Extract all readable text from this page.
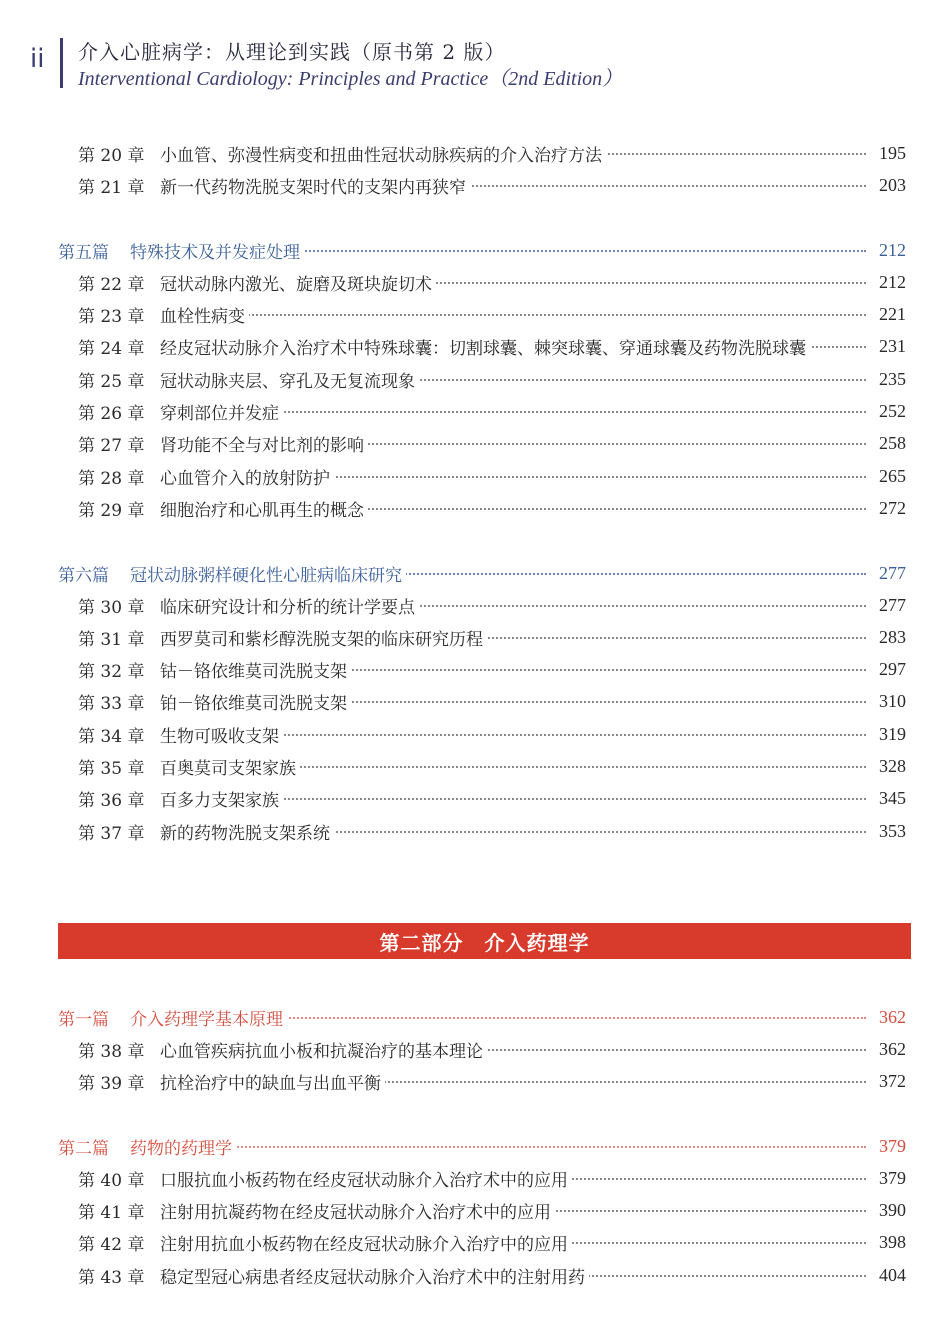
ii 介入心脏病学：从理论到实践（原书第 2 版）
Interventional Cardiology: Principles and Practice（2nd Edition）
第 20 章 小血管、弥漫性病变和扭曲性冠状动脉疾病的介入治疗方法	195
第 21 章 新一代药物洗脱支架时代的支架内再狭窄	203
第五篇	特殊技术及并发症处理	212
第 22 章 冠状动脉内激光、旋磨及斑块旋切术	212
第 23 章 血栓性病变	221
第 24 章 经皮冠状动脉介入治疗术中特殊球囊：切割球囊、棘突球囊、穿通球囊及药物洗脱球囊	231
第 25 章 冠状动脉夹层、穿孔及无复流现象	235
第 26 章 穿刺部位并发症	252
第 27 章 肾功能不全与对比剂的影响	258
第 28 章 心血管介入的放射防护	265
第 29 章 细胞治疗和心肌再生的概念	272
第六篇	冠状动脉粥样硬化性心脏病临床研究	277
第 30 章 临床研究设计和分析的统计学要点	277
第 31 章 西罗莫司和紫杉醇洗脱支架的临床研究历程	283
第 32 章 钴－铬依维莫司洗脱支架	297
第 33 章 铂－铬依维莫司洗脱支架	310
第 34 章 生物可吸收支架	319
第 35 章 百奥莫司支架家族	328
第 36 章 百多力支架家族	345
第 37 章 新的药物洗脱支架系统	353
第一篇	介入药理学基本原理	362
第 38 章 心血管疾病抗血小板和抗凝治疗的基本理论	362
第 39 章 抗栓治疗中的缺血与出血平衡	372
第二篇	药物的药理学	379
第 40 章 口服抗血小板药物在经皮冠状动脉介入治疗术中的应用	379
第 41 章 注射用抗凝药物在经皮冠状动脉介入治疗术中的应用	390
第 42 章 注射用抗血小板药物在经皮冠状动脉介入治疗中的应用	398
第 43 章 稳定型冠心病患者经皮冠状动脉介入治疗术中的注射用药	404
第二部分　介入药理学
